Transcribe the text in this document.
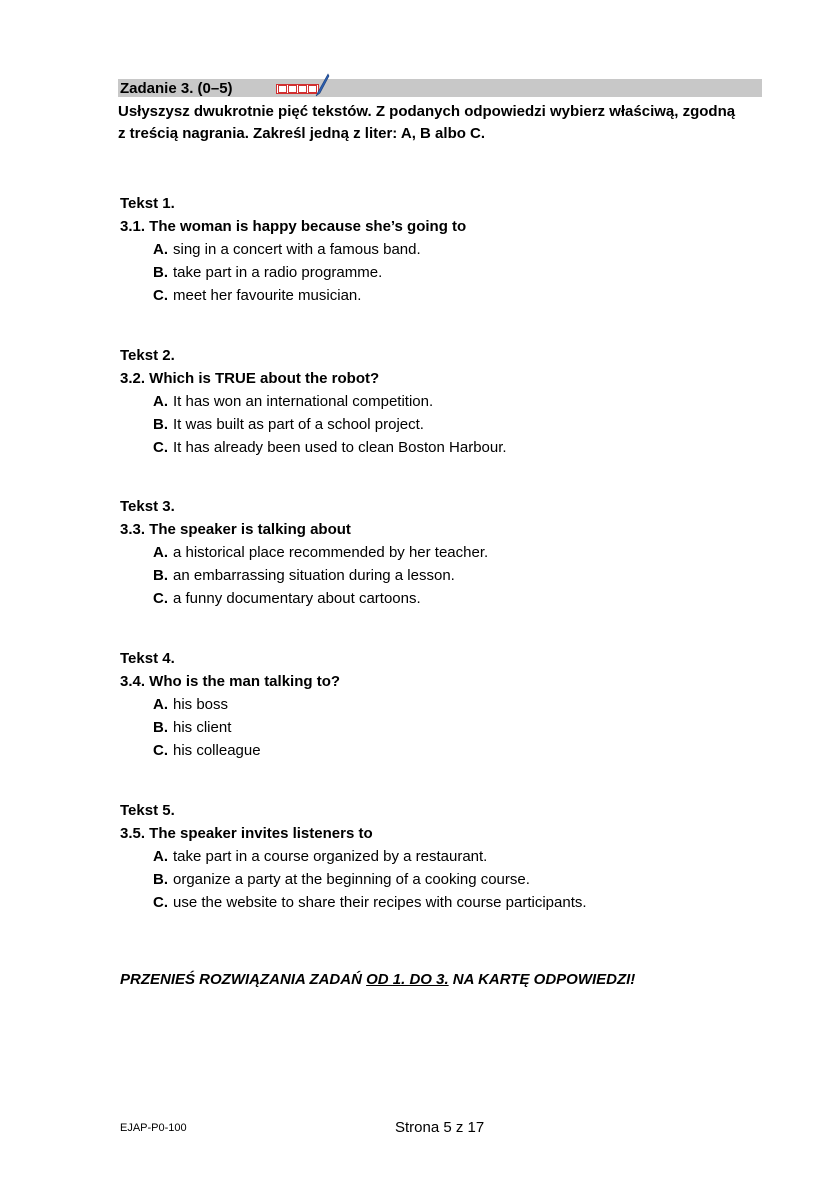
Zadanie 3. (0–5)
Usłyszysz dwukrotnie pięć tekstów. Z podanych odpowiedzi wybierz właściwą, zgodną
z treścią nagrania. Zakreśl jedną z liter: A, B albo C.
Tekst 1.
3.1. The woman is happy because she’s going to
A. sing in a concert with a famous band.
B. take part in a radio programme.
C. meet her favourite musician.
Tekst 2.
3.2. Which is TRUE about the robot?
A. It has won an international competition.
B. It was built as part of a school project.
C. It has already been used to clean Boston Harbour.
Tekst 3.
3.3. The speaker is talking about
A. a historical place recommended by her teacher.
B. an embarrassing situation during a lesson.
C. a funny documentary about cartoons.
Tekst 4.
3.4. Who is the man talking to?
A. his boss
B. his client
C. his colleague
Tekst 5.
3.5. The speaker invites listeners to
A. take part in a course organized by a restaurant.
B. organize a party at the beginning of a cooking course.
C. use the website to share their recipes with course participants.
PRZENIEŚ ROZWIĄZANIA ZADAŃ OD 1. DO 3. NA KARTĘ ODPOWIEDZI!
EJAP-P0-100	Strona 5 z 17
